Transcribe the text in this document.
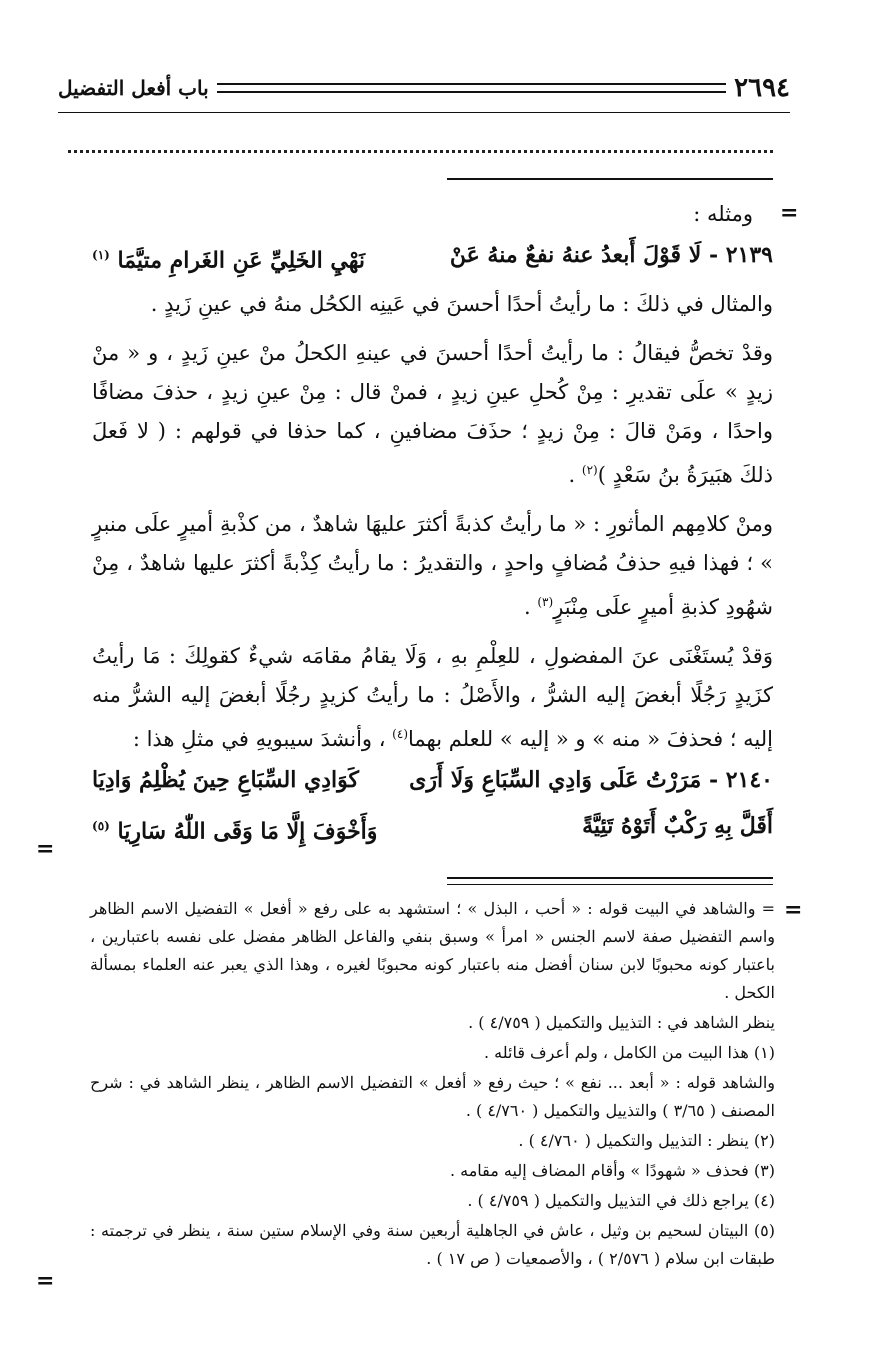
٢٦٩٤
باب أفعل التفضيل
=
=
=
=

ومثله :

٢١٣٩ - لَا قَوْلَ أَبعدُ عنهُ نفعٌ منهُ عَنْ
نَهْيِ الخَلِيِّ عَنِ الغَرامِ متيَّمَا $^{(١)}$

والمثال في ذلكَ : ما رأيتُ أحدًا أحسنَ في عَينِه الكحُل منهُ في عينِ زَيدٍ .

وقدْ تخصُّ فيقالُ : ما رأيتُ أحدًا أحسنَ في عينهِ الكحلُ منْ عينِ زَيدٍ ، و « منْ زيدٍ » علَى تقديرِ : مِنْ كُحلِ عينِ زيدٍ ، فمنْ قال : مِنْ عينِ زيدٍ ، حذفَ مضافًا واحدًا ، ومَنْ قالَ : مِنْ زيدٍ ؛ حذَفَ مضافينِ ، كما حذفا في قولهم : ( لا فَعلَ ذلكَ هبَيرَةُ بنُ سَعْدٍ )$^{(٢)}$ .

ومنْ كلامِهم المأثورِ : « ما رأيتُ كذبةً أكثرَ عليهَا شاهدٌ ، من كذْبةِ أميرٍ علَى منبرٍ » ؛ فهذا فيهِ حذفُ مُضافٍ واحدٍ ، والتقديرُ : ما رأيتُ كِذْبةً أكثرَ عليها شاهدٌ ، مِنْ شهُودِ كذبةِ أميرٍ علَى مِنْبَرٍ$^{(٣)}$ .

وَقدْ يُستَغْنَى عنَ المفضولِ ، للعِلْمِ بهِ ، وَلَا يقامُ مقامَه شيءٌ كقولِكَ : مَا رأيتُ كزَيدٍ رَجُلًا أبغضَ إليه الشرُّ ، والأَصْلُ : ما رأيتُ كزيدٍ رجُلًا أبغضَ إليه الشرُّ منه إليه ؛ فحذفَ « منه » و « إليه » للعلم بهما$^{(٤)}$ ، وأنشدَ سيبويهِ في مثلِ هذا :

٢١٤٠ - مَرَرْتُ عَلَى وَادِي السِّبَاعِ وَلَا أَرَى
كَوَادِي السِّبَاعِ حِينَ يُظْلِمُ وَادِيَا
أَقَلَّ بِهِ رَكْبٌ أَتَوْهُ تَئِيَّةً
وَأَخْوَفَ إِلَّا مَا وَقَى اللّٰهُ سَارِيَا $^{(٥)}$

= والشاهد في البيت قوله : « أحب ، البذل » ؛ استشهد به على رفع « أفعل » التفضيل الاسم الظاهر واسم التفضيل صفة لاسم الجنس « امرأ » وسبق بنفي والفاعل الظاهر مفضل على نفسه باعتبارين ، باعتبار كونه محبوبًا لابن سنان أفضل منه باعتبار كونه محبوبًا لغيره ، وهذا الذي يعبر عنه العلماء بمسألة الكحل .

ينظر الشاهد في : التذييل والتكميل ( ٤/٧٥٩ ) .

(١) هذا البيت من الكامل ، ولم أعرف قائله .

والشاهد قوله : « أبعد ... نفع » ؛ حيث رفع « أفعل » التفضيل الاسم الظاهر ، ينظر الشاهد في : شرح المصنف ( ٣/٦٥ ) والتذييل والتكميل ( ٤/٧٦٠ ) .

(٢) ينظر : التذييل والتكميل ( ٤/٧٦٠ ) .

(٣) فحذف « شهودًا » وأقام المضاف إليه مقامه .

(٤) يراجع ذلك في التذييل والتكميل ( ٤/٧٥٩ ) .

(٥) البيتان لسحيم بن وثيل ، عاش في الجاهلية أربعين سنة وفي الإسلام ستين سنة ، ينظر في ترجمته : طبقات ابن سلام ( ٢/٥٧٦ ) ، والأصمعيات ( ص ١٧ ) .
